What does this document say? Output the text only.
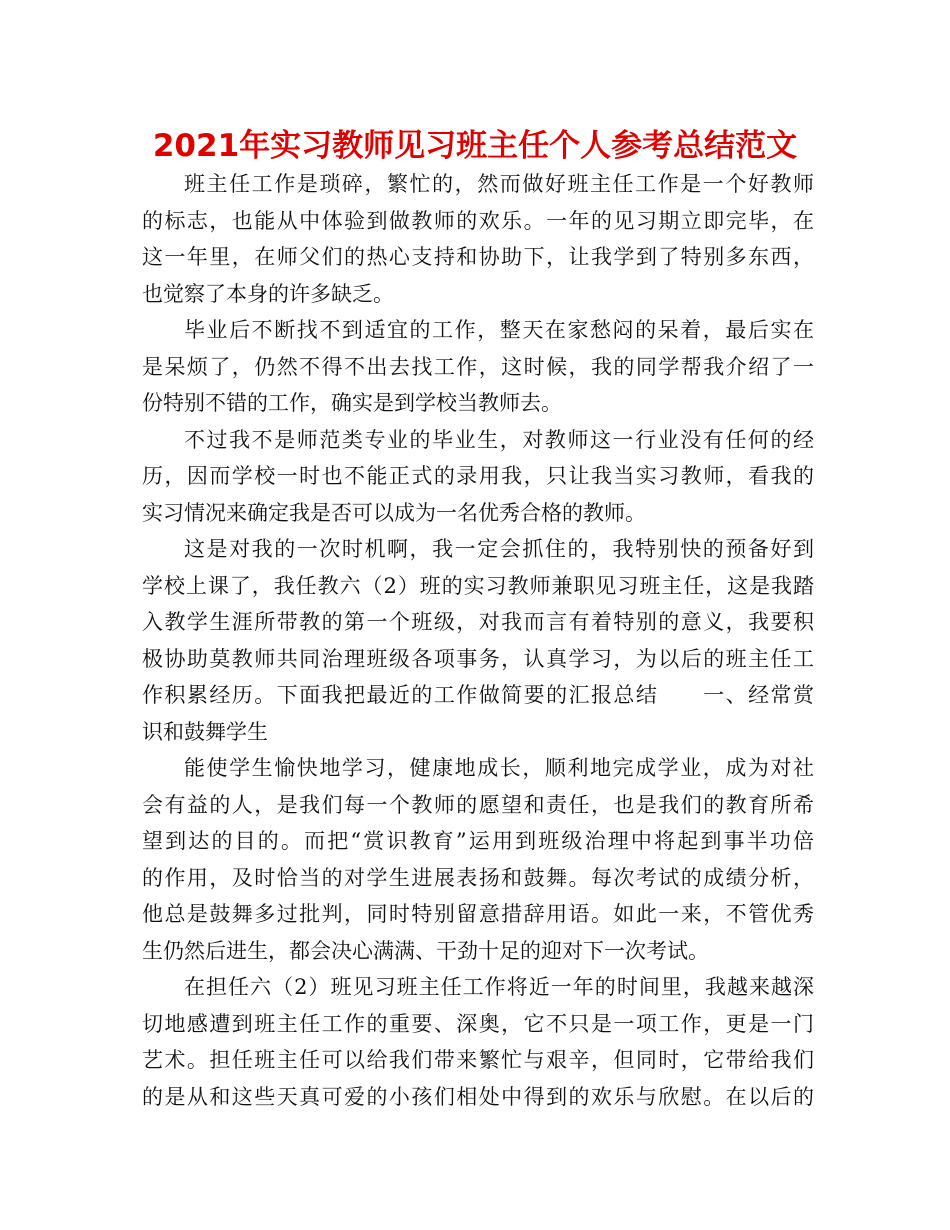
2021年实习教师见习班主任个人参考总结范文
班主任工作是琐碎，繁忙的，然而做好班主任工作是一个好教师
的标志，也能从中体验到做教师的欢乐。一年的见习期立即完毕，在
这一年里，在师父们的热心支持和协助下，让我学到了特别多东西，
也觉察了本身的许多缺乏。
毕业后不断找不到适宜的工作，整天在家愁闷的呆着，最后实在
是呆烦了，仍然不得不出去找工作，这时候，我的同学帮我介绍了一
份特别不错的工作，确实是到学校当教师去。
不过我不是师范类专业的毕业生，对教师这一行业没有任何的经
历，因而学校一时也不能正式的录用我，只让我当实习教师，看我的
实习情况来确定我是否可以成为一名优秀合格的教师。
这是对我的一次时机啊，我一定会抓住的，我特别快的预备好到
学校上课了，我任教六（2）班的实习教师兼职见习班主任，这是我踏
入教学生涯所带教的第一个班级，对我而言有着特别的意义，我要积
极协助莫教师共同治理班级各项事务，认真学习，为以后的班主任工
作积累经历。下面我把最近的工作做简要的汇报总结　　一、经常赏
识和鼓舞学生
能使学生愉快地学习，健康地成长，顺利地完成学业，成为对社
会有益的人，是我们每一个教师的愿望和责任，也是我们的教育所希
望到达的目的。而把“赏识教育”运用到班级治理中将起到事半功倍
的作用，及时恰当的对学生进展表扬和鼓舞。每次考试的成绩分析，
他总是鼓舞多过批判，同时特别留意措辞用语。如此一来，不管优秀
生仍然后进生，都会决心满满、干劲十足的迎对下一次考试。
在担任六（2）班见习班主任工作将近一年的时间里，我越来越深
切地感遭到班主任工作的重要、深奥，它不只是一项工作，更是一门
艺术。担任班主任可以给我们带来繁忙与艰辛，但同时，它带给我们
的是从和这些天真可爱的小孩们相处中得到的欢乐与欣慰。在以后的
